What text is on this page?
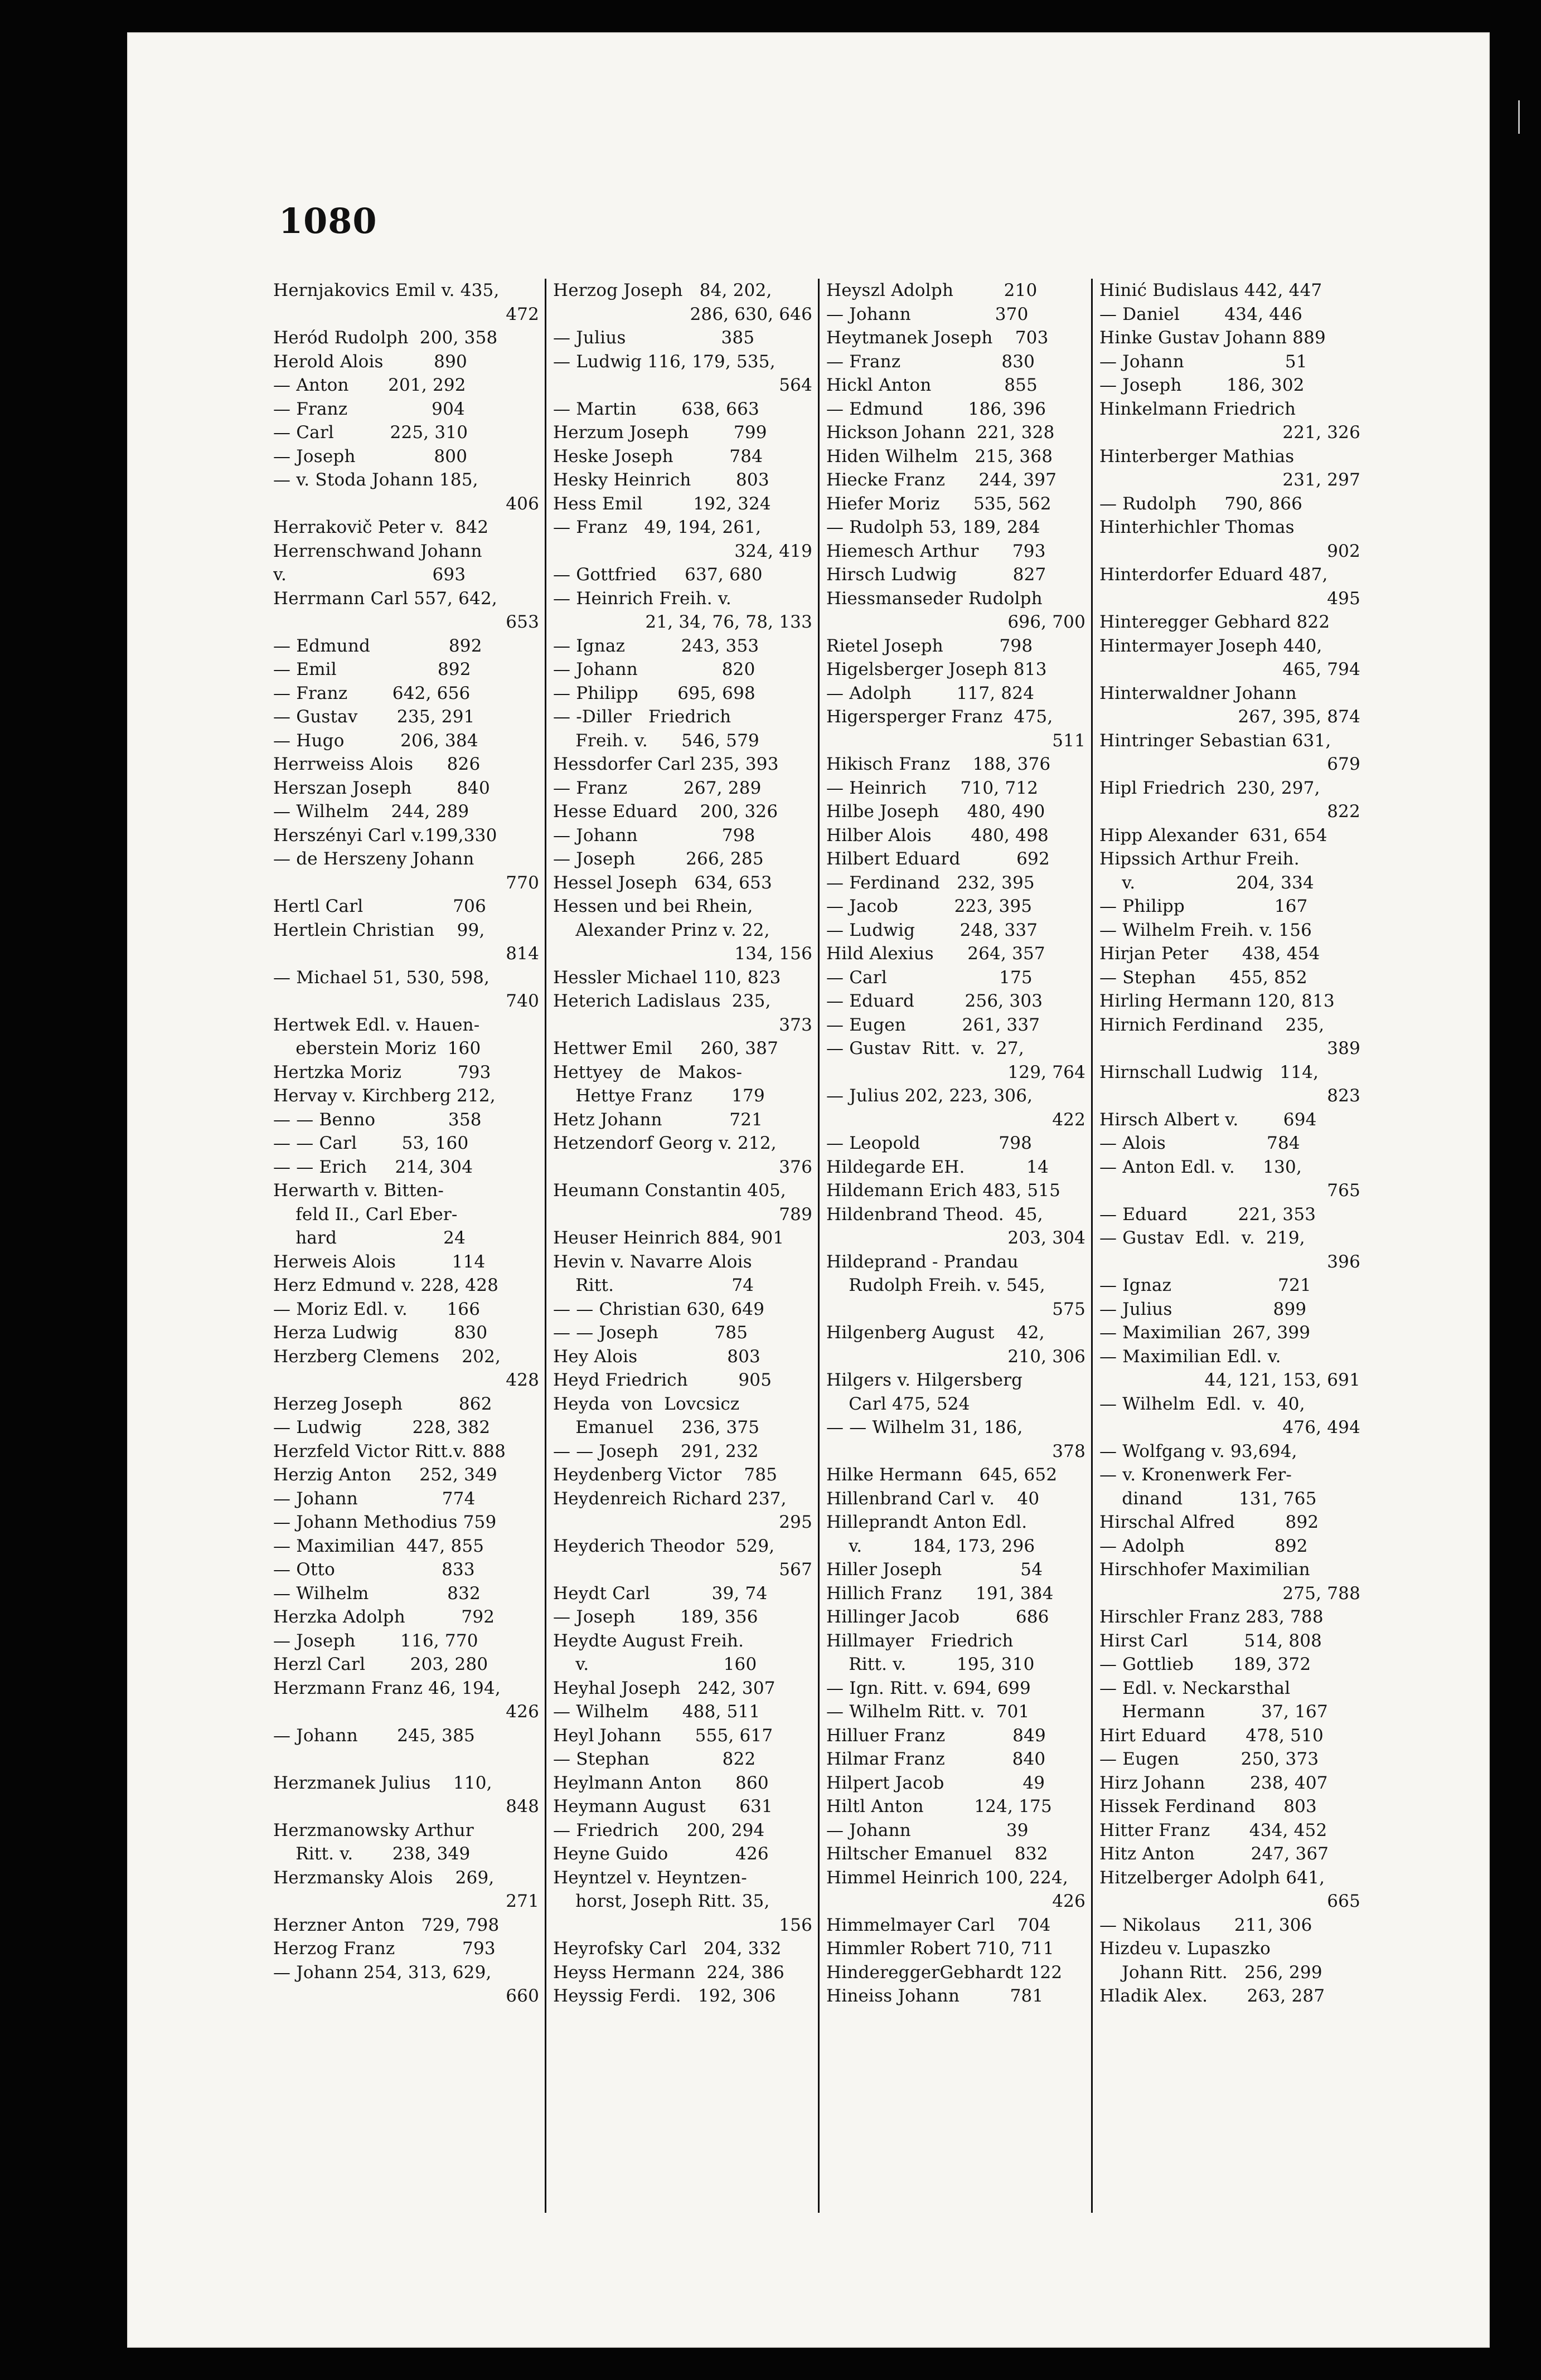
1080
Hernjakovics Emil v. 435,
472
Heród Rudolph  200, 358
Herold Alois         890
— Anton       201, 292
— Franz               904
— Carl          225, 310
— Joseph              800
— v. Stoda Johann 185,
406
Herrakovič Peter v.  842
Herrenschwand Johann
v.                          693
Herrmann Carl 557, 642,
653
— Edmund              892
— Emil                  892
— Franz        642, 656
— Gustav       235, 291
— Hugo          206, 384
Herrweiss Alois      826
Herszan Joseph        840
— Wilhelm    244, 289
Herszényi Carl v.199,330
— de Herszeny Johann
770
Hertl Carl                706
Hertlein Christian    99,
814
— Michael 51, 530, 598,
740
Hertwek Edl. v. Hauen-
eberstein Moriz  160
Hertzka Moriz          793
Hervay v. Kirchberg 212,
— — Benno             358
— — Carl        53, 160
— — Erich     214, 304
Herwarth v. Bitten-
feld II., Carl Eber-
hard                   24
Herweis Alois          114
Herz Edmund v. 228, 428
— Moriz Edl. v.       166
Herza Ludwig          830
Herzberg Clemens    202,
428
Herzeg Joseph          862
— Ludwig         228, 382
Herzfeld Victor Ritt.v. 888
Herzig Anton     252, 349
— Johann               774
— Johann Methodius 759
— Maximilian  447, 855
— Otto                   833
— Wilhelm              832
Herzka Adolph          792
— Joseph        116, 770
Herzl Carl        203, 280
Herzmann Franz 46, 194,
426
— Johann       245, 385

Herzmanek Julius    110,
848
Herzmanowsky Arthur
Ritt. v.       238, 349
Herzmansky Alois    269,
271
Herzner Anton   729, 798
Herzog Franz            793
— Johann 254, 313, 629,
660
Herzog Joseph   84, 202,
286, 630, 646
— Julius                 385
— Ludwig 116, 179, 535,
564
— Martin        638, 663
Herzum Joseph        799
Heske Joseph          784
Hesky Heinrich        803
Hess Emil         192, 324
— Franz   49, 194, 261,
324, 419
— Gottfried     637, 680
— Heinrich Freih. v.
21, 34, 76, 78, 133
— Ignaz          243, 353
— Johann               820
— Philipp       695, 698
— -Diller   Friedrich
Freih. v.      546, 579
Hessdorfer Carl 235, 393
— Franz          267, 289
Hesse Eduard    200, 326
— Johann               798
— Joseph         266, 285
Hessel Joseph   634, 653
Hessen und bei Rhein,
Alexander Prinz v. 22,
134, 156
Hessler Michael 110, 823
Heterich Ladislaus  235,
373
Hettwer Emil     260, 387
Hettyey   de   Makos-
Hettye Franz       179
Hetz Johann            721
Hetzendorf Georg v. 212,
376
Heumann Constantin 405,
789
Heuser Heinrich 884, 901
Hevin v. Navarre Alois
Ritt.                     74
— — Christian 630, 649
— — Joseph          785
Hey Alois                803
Heyd Friedrich         905
Heyda  von  Lovcsicz
Emanuel     236, 375
— — Joseph    291, 232
Heydenberg Victor    785
Heydenreich Richard 237,
295
Heyderich Theodor  529,
567
Heydt Carl           39, 74
— Joseph        189, 356
Heydte August Freih.
v.                        160
Heyhal Joseph   242, 307
— Wilhelm      488, 511
Heyl Johann      555, 617
— Stephan             822
Heylmann Anton      860
Heymann August      631
— Friedrich     200, 294
Heyne Guido            426
Heyntzel v. Heyntzen-
horst, Joseph Ritt. 35,
156
Heyrofsky Carl   204, 332
Heyss Hermann  224, 386
Heyssig Ferdi.   192, 306
Heyszl Adolph         210
— Johann               370
Heytmanek Joseph    703
— Franz                  830
Hickl Anton             855
— Edmund        186, 396
Hickson Johann  221, 328
Hiden Wilhelm   215, 368
Hiecke Franz      244, 397
Hiefer Moriz      535, 562
— Rudolph 53, 189, 284
Hiemesch Arthur      793
Hirsch Ludwig          827
Hiessmanseder Rudolph
696, 700
Rietel Joseph          798
Higelsberger Joseph 813
— Adolph        117, 824
Higersperger Franz  475,
511
Hikisch Franz    188, 376
— Heinrich      710, 712
Hilbe Joseph     480, 490
Hilber Alois       480, 498
Hilbert Eduard          692
— Ferdinand   232, 395
— Jacob          223, 395
— Ludwig        248, 337
Hild Alexius      264, 357
— Carl                    175
— Eduard         256, 303
— Eugen          261, 337
— Gustav  Ritt.  v.  27,
129, 764
— Julius 202, 223, 306,
422
— Leopold              798
Hildegarde EH.           14
Hildemann Erich 483, 515
Hildenbrand Theod.  45,
203, 304
Hildeprand - Prandau
Rudolph Freih. v. 545,
575
Hilgenberg August    42,
210, 306
Hilgers v. Hilgersberg
Carl 475, 524
— — Wilhelm 31, 186,
378
Hilke Hermann   645, 652
Hillenbrand Carl v.    40
Hilleprandt Anton Edl.
v.         184, 173, 296
Hiller Joseph              54
Hillich Franz      191, 384
Hillinger Jacob          686
Hillmayer   Friedrich
Ritt. v.         195, 310
— Ign. Ritt. v. 694, 699
— Wilhelm Ritt. v.  701
Hilluer Franz            849
Hilmar Franz            840
Hilpert Jacob              49
Hiltl Anton         124, 175
— Johann                 39
Hiltscher Emanuel    832
Himmel Heinrich 100, 224,
426
Himmelmayer Carl    704
Himmler Robert 710, 711
HindereggerGebhardt 122
Hineiss Johann         781
Hinić Budislaus 442, 447
— Daniel        434, 446
Hinke Gustav Johann 889
— Johann                  51
— Joseph        186, 302
Hinkelmann Friedrich
221, 326
Hinterberger Mathias
231, 297
— Rudolph     790, 866
Hinterhichler Thomas
902
Hinterdorfer Eduard 487,
495
Hinteregger Gebhard 822
Hintermayer Joseph 440,
465, 794
Hinterwaldner Johann
267, 395, 874
Hintringer Sebastian 631,
679
Hipl Friedrich  230, 297,
822
Hipp Alexander  631, 654
Hipssich Arthur Freih.
v.                  204, 334
— Philipp                167
— Wilhelm Freih. v. 156
Hirjan Peter      438, 454
— Stephan      455, 852
Hirling Hermann 120, 813
Hirnich Ferdinand    235,
389
Hirnschall Ludwig   114,
823
Hirsch Albert v.        694
— Alois                  784
— Anton Edl. v.     130,
765
— Eduard         221, 353
— Gustav  Edl.  v.  219,
396
— Ignaz                   721
— Julius                  899
— Maximilian  267, 399
— Maximilian Edl. v.
44, 121, 153, 691
— Wilhelm  Edl.  v.  40,
476, 494
— Wolfgang v. 93,694,
— v. Kronenwerk Fer-
dinand          131, 765
Hirschal Alfred         892
— Adolph                892
Hirschhofer Maximilian
275, 788
Hirschler Franz 283, 788
Hirst Carl          514, 808
— Gottlieb       189, 372
— Edl. v. Neckarsthal
Hermann          37, 167
Hirt Eduard       478, 510
— Eugen           250, 373
Hirz Johann        238, 407
Hissek Ferdinand     803
Hitter Franz       434, 452
Hitz Anton          247, 367
Hitzelberger Adolph 641,
665
— Nikolaus      211, 306
Hizdeu v. Lupaszko
Johann Ritt.   256, 299
Hladik Alex.       263, 287
